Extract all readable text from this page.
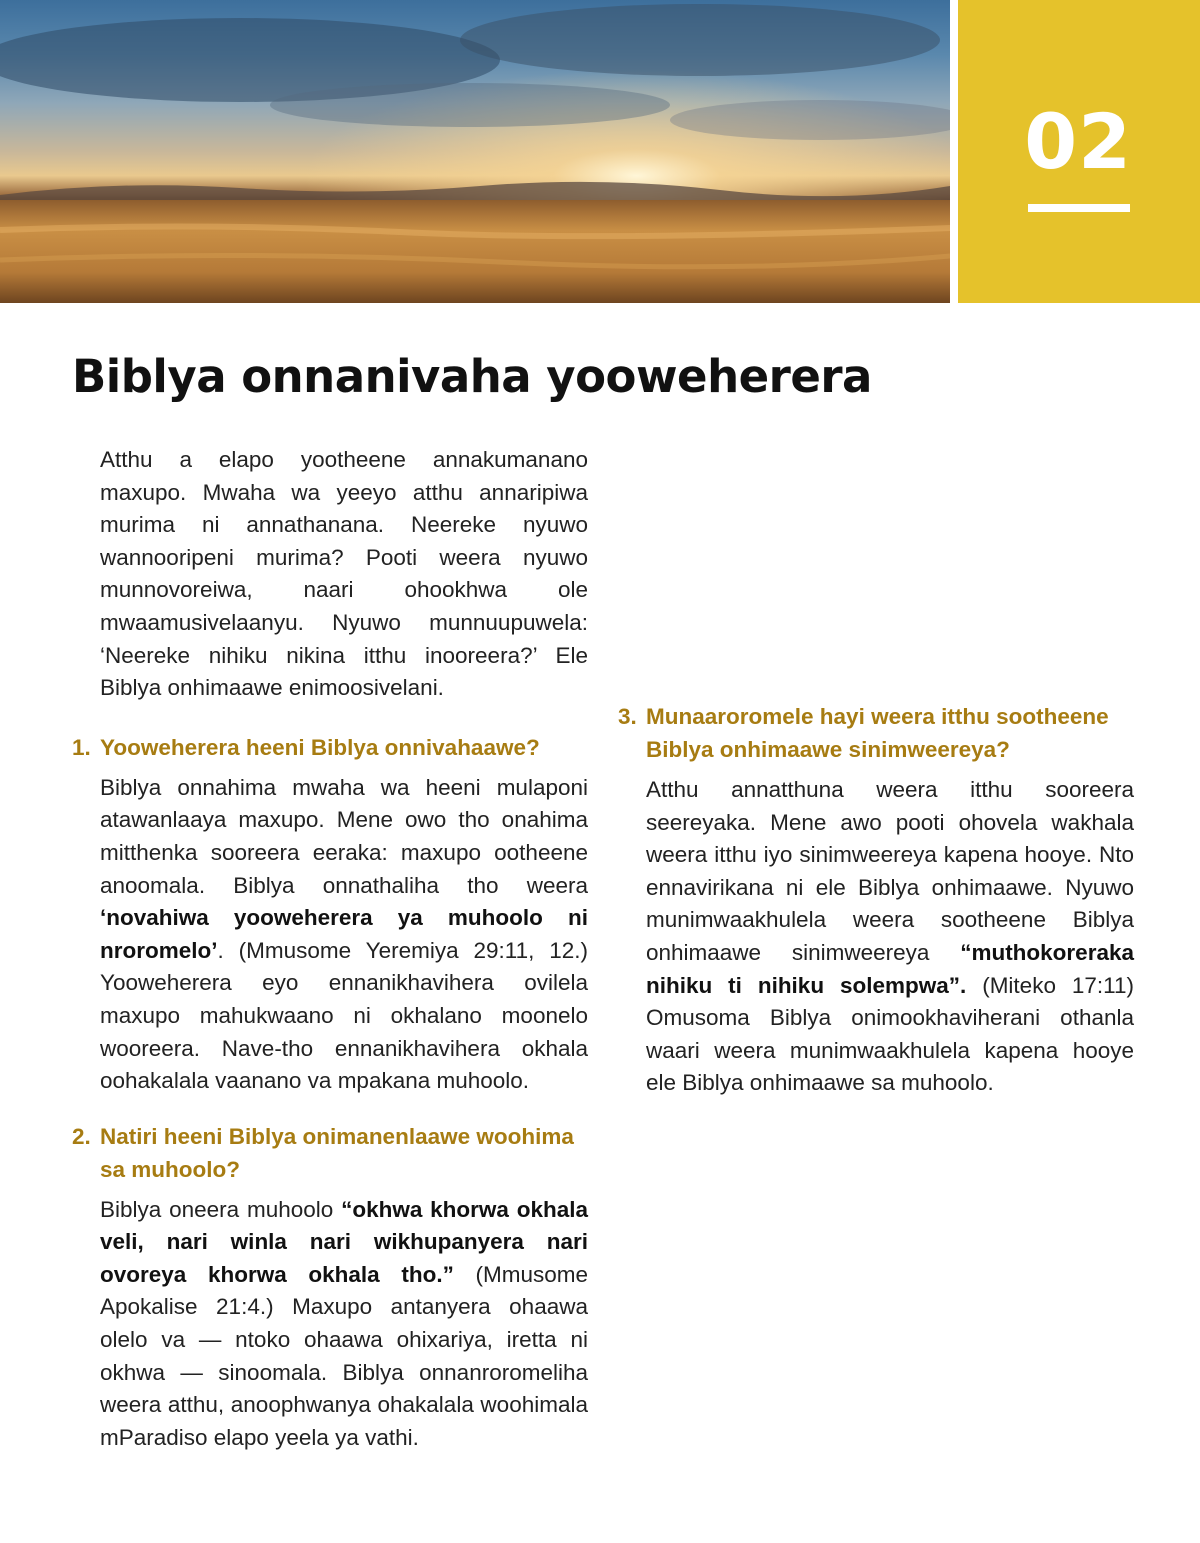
02
Biblya onnanivaha yooweherera

Atthu a elapo yootheene annakumanano maxupo. Mwaha wa yeeyo atthu annaripiwa murima ni annathanana. Neereke nyuwo wannooripeni murima? Pooti weera nyuwo munnovoreiwa, naari ohookhwa ole mwaamusivelaanyu. Nyuwo munnuupuwela: ‘Neereke nihiku nikina itthu inooreera?’ Ele Biblya onhimaawe enimoosivelani.

1. Yooweherera heeni Biblya onnivahaawe?

Biblya onnahima mwaha wa heeni mulaponi atawanlaaya maxupo. Mene owo tho onahima mitthenka sooreera eeraka: maxupo ootheene anoomala. Biblya onnathaliha tho weera ‘novahiwa yooweherera ya muhoolo ni nroromelo’. (Mmusome Yeremiya 29:11, 12.) Yooweherera eyo ennanikhavihera ovilela maxupo mahukwaano ni okhalano moonelo wooreera. Nave-tho ennanikhavihera okhala oohakalala vaanano va mpakana muhoolo.

2. Natiri heeni Biblya onimanenlaawe woohima sa muhoolo?

Biblya oneera muhoolo “okhwa khorwa okhala veli, nari winla nari wikhupanyera nari ovoreya khorwa okhala tho.” (Mmusome Apokalise 21:4.) Maxupo antanyera ohaawa olelo va — ntoko ohaawa ohixariya, iretta ni okhwa — sinoomala. Biblya onnanroromeliha weera atthu, anoophwanya ohakalala woohimala mParadiso elapo yeela ya vathi.

3. Munaaroromele hayi weera itthu sootheene Biblya onhimaawe sinimweereya?

Atthu annatthuna weera itthu sooreera seereyaka. Mene awo pooti ohovela wakhala weera itthu iyo sinimweereya kapena hooye. Nto ennavirikana ni ele Biblya onhimaawe. Nyuwo munimwaakhulela weera sootheene Biblya onhimaawe sinimweereya “muthokoreraka nihiku ti nihiku solempwa”. (Miteko 17:11) Omusoma Biblya onimookhaviherani othanla waari weera munimwaakhulela kapena hooye ele Biblya onhimaawe sa muhoolo.
